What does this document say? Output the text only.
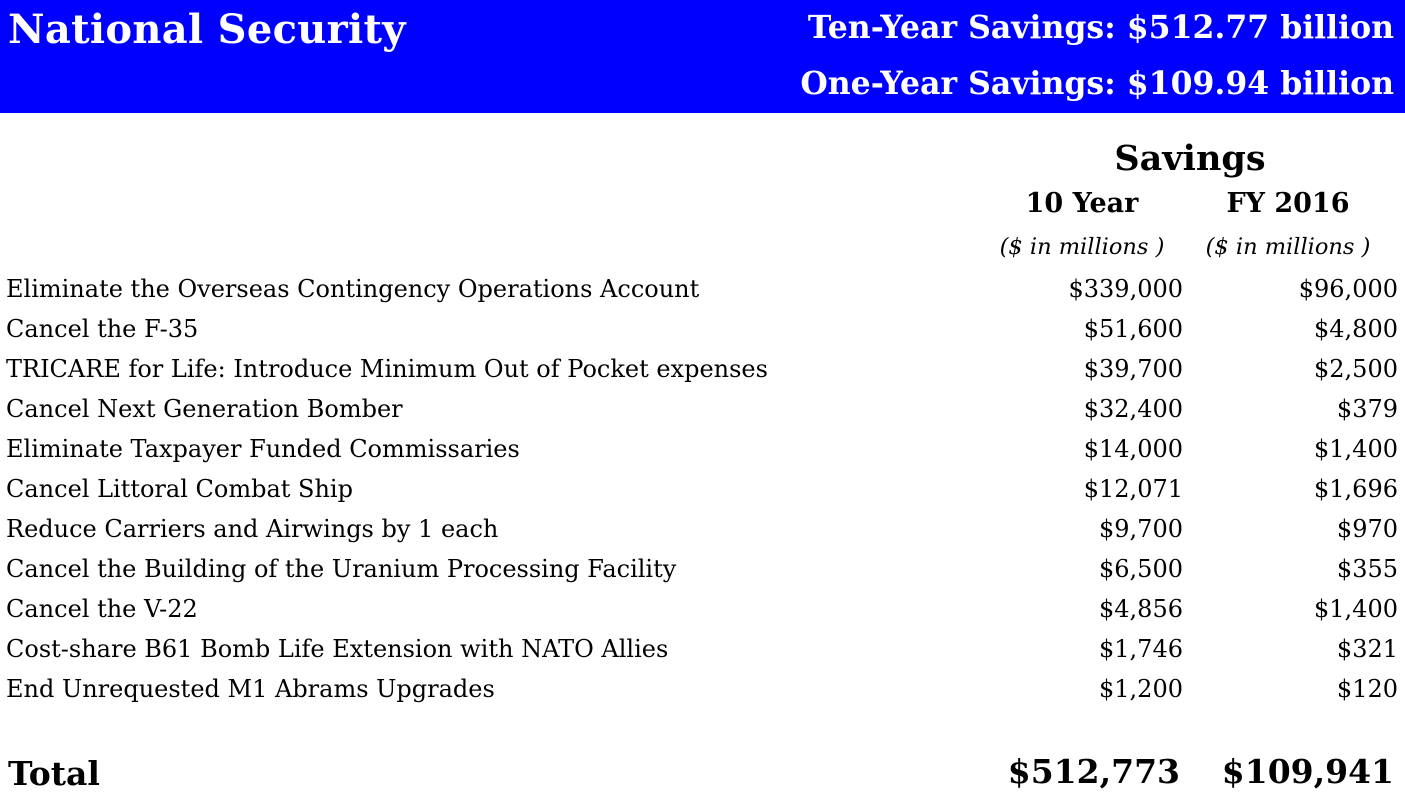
National Security	Ten-Year Savings: $512.77 billion
One-Year Savings: $109.94 billion
Savings
10 Year	FY 2016
($ in millions )	($ in millions )
Eliminate the Overseas Contingency Operations Account	$339,000	$96,000
Cancel the F-35	$51,600	$4,800
TRICARE for Life: Introduce Minimum Out of Pocket expenses	$39,700	$2,500
Cancel Next Generation Bomber	$32,400	$379
Eliminate Taxpayer Funded Commissaries	$14,000	$1,400
Cancel Littoral Combat Ship	$12,071	$1,696
Reduce Carriers and Airwings by 1 each	$9,700	$970
Cancel the Building of the Uranium Processing Facility	$6,500	$355
Cancel the V-22	$4,856	$1,400
Cost-share B61 Bomb Life Extension with NATO Allies	$1,746	$321
End Unrequested M1 Abrams Upgrades	$1,200	$120
Total	$512,773 $109,941
